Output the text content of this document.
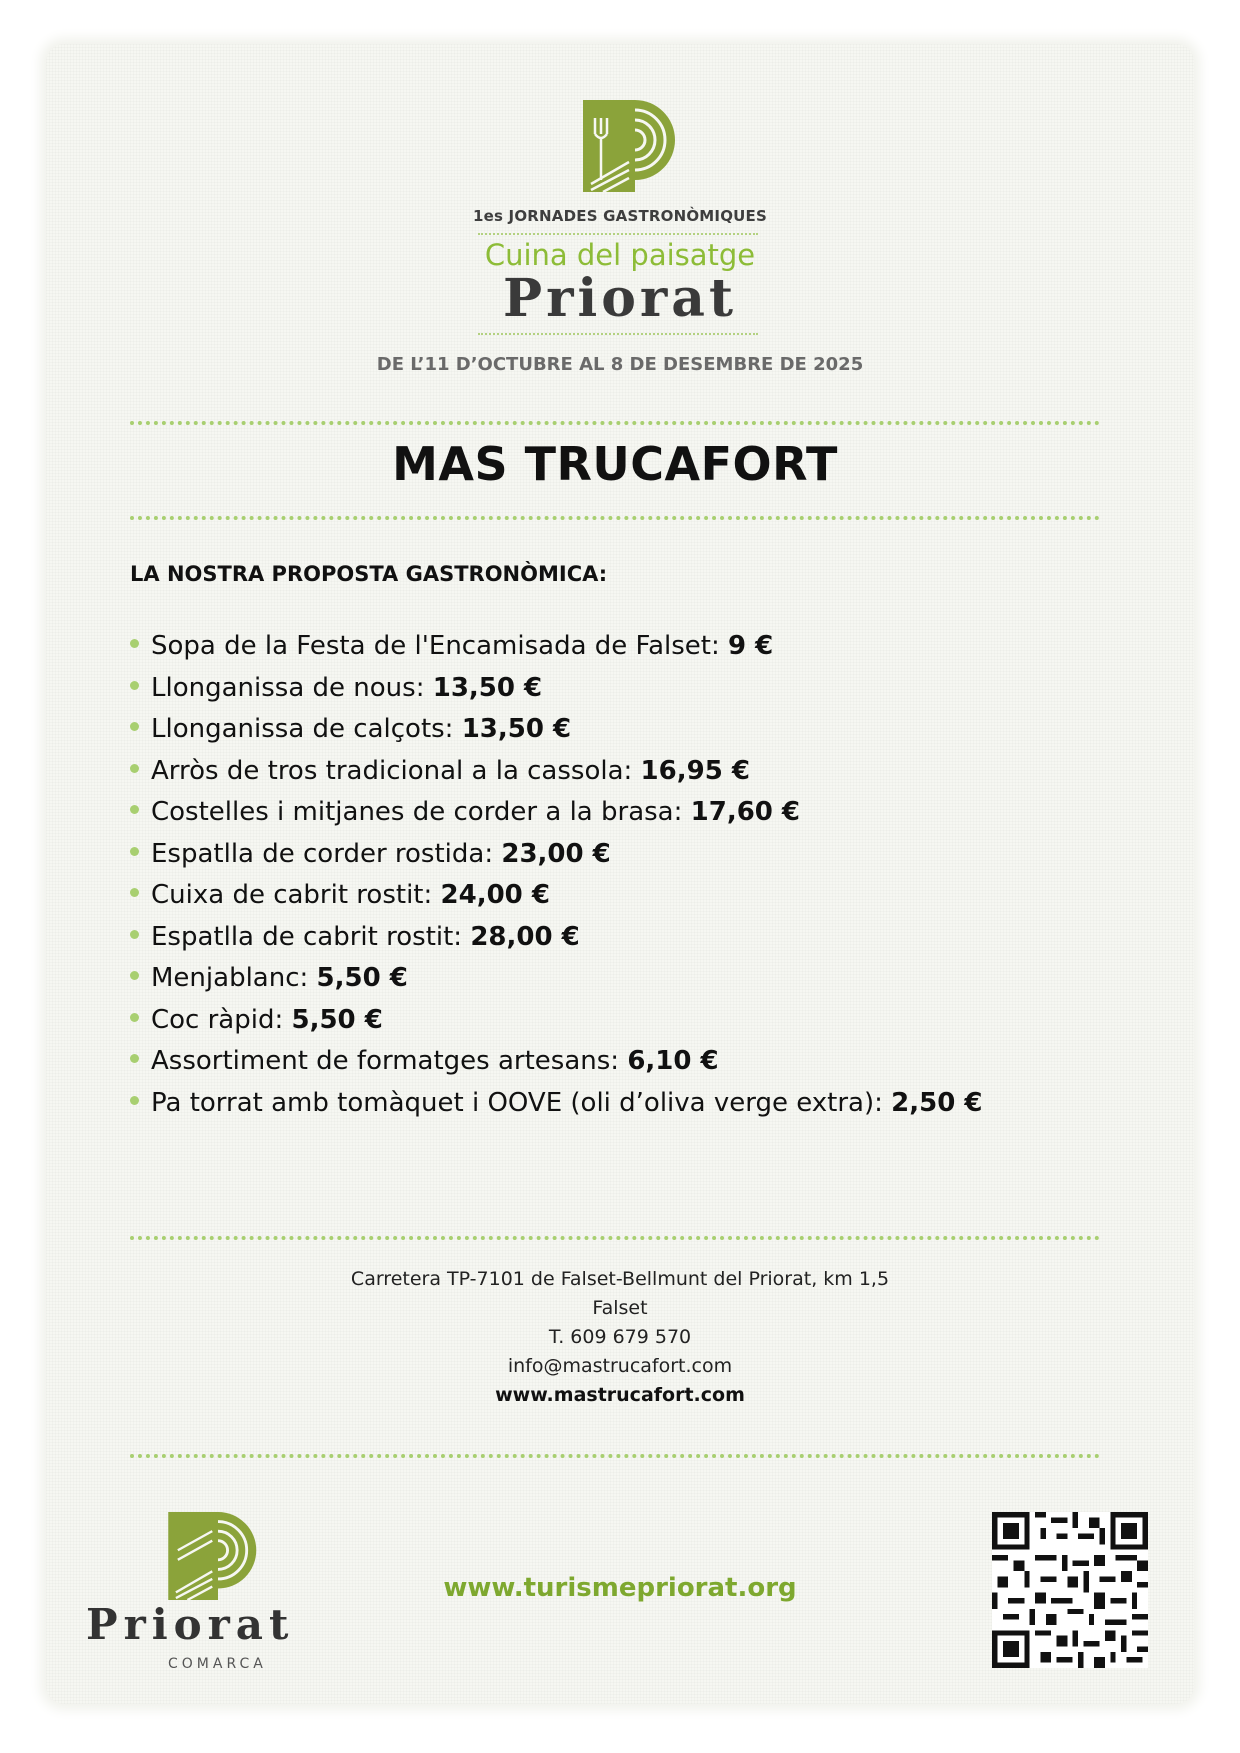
1es JORNADES GASTRONÒMIQUES
Cuina del paisatge
Priorat
DE L’11 D’OCTUBRE AL 8 DE DESEMBRE DE 2025
MAS TRUCAFORT
LA NOSTRA PROPOSTA GASTRONÒMICA:
Sopa de la Festa de l'Encamisada de Falset: 9 €
Llonganissa de nous: 13,50 €
Llonganissa de calçots: 13,50 €
Arròs de tros tradicional a la cassola: 16,95 €
Costelles i mitjanes de corder a la brasa: 17,60 €
Espatlla de corder rostida: 23,00 €
Cuixa de cabrit rostit: 24,00 €
Espatlla de cabrit rostit: 28,00 €
Menjablanc: 5,50 €
Coc ràpid: 5,50 €
Assortiment de formatges artesans: 6,10 €
Pa torrat amb tomàquet i OOVE (oli d’oliva verge extra): 2,50 €
Carretera TP-7101 de Falset-Bellmunt del Priorat, km 1,5
Falset
T. 609 679 570
info@mastrucafort.com
www.mastrucafort.com
Priorat
COMARCA
www.turismepriorat.org
